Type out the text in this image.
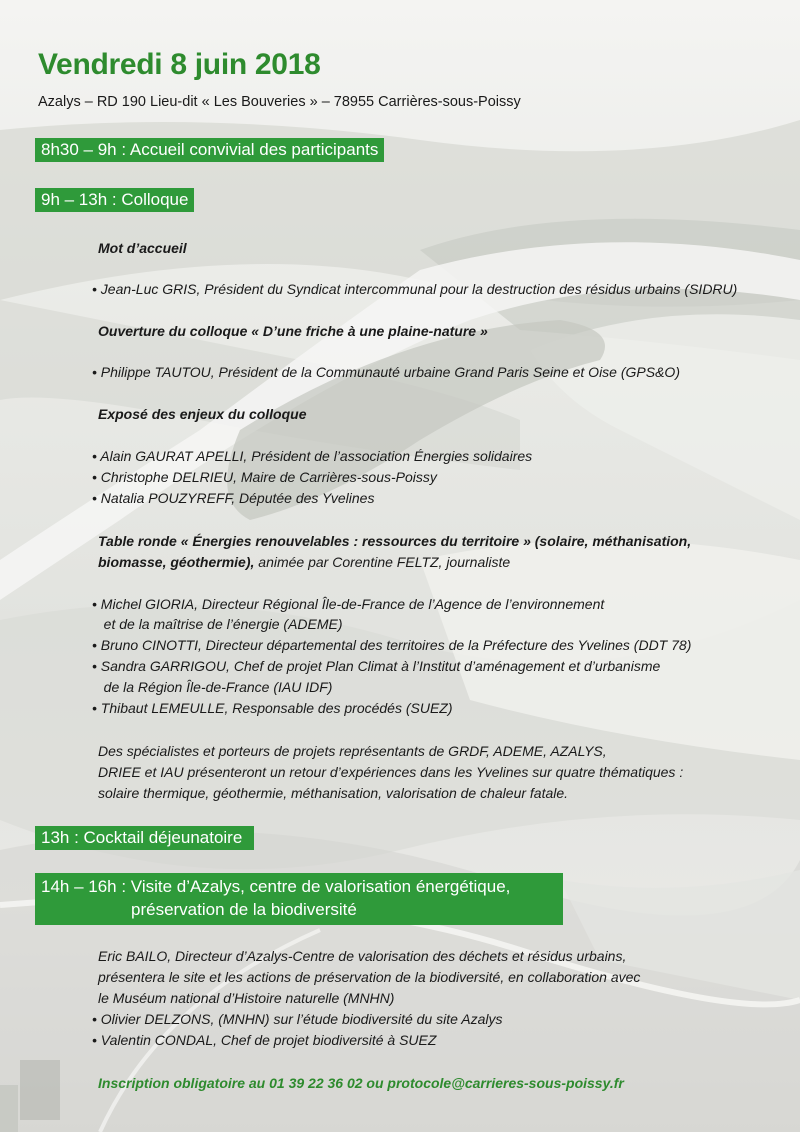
Vendredi 8 juin 2018
Azalys – RD 190 Lieu-dit « Les Bouveries » – 78955 Carrières-sous-Poissy
8h30 – 9h : Accueil convivial des participants
9h – 13h : Colloque
Mot d’accueil
• Jean-Luc GRIS, Président du Syndicat intercommunal pour la destruction des résidus urbains (SIDRU)
Ouverture du colloque « D’une friche à une plaine-nature »
• Philippe TAUTOU, Président de la Communauté urbaine Grand Paris Seine et Oise (GPS&O)
Exposé des enjeux du colloque
• Alain GAURAT APELLI, Président de l’association Énergies solidaires
• Christophe DELRIEU, Maire de Carrières-sous-Poissy
• Natalia POUZYREFF, Députée des Yvelines
Table ronde « Énergies renouvelables : ressources du territoire » (solaire, méthanisation,
biomasse, géothermie), animée par Corentine FELTZ, journaliste
• Michel GIORIA, Directeur Régional Île-de-France de l’Agence de l’environnement
et de la maîtrise de l’énergie (ADEME)
• Bruno CINOTTI, Directeur départemental des territoires de la Préfecture des Yvelines (DDT 78)
• Sandra GARRIGOU, Chef de projet Plan Climat à l’Institut d’aménagement et d’urbanisme
de la Région Île-de-France (IAU IDF)
• Thibaut LEMEULLE, Responsable des procédés (SUEZ)
Des spécialistes et porteurs de projets représentants de GRDF, ADEME, AZALYS,
DRIEE et IAU présenteront un retour d’expériences dans les Yvelines sur quatre thématiques :
solaire thermique, géothermie, méthanisation, valorisation de chaleur fatale.
13h : Cocktail déjeunatoire
14h – 16h : Visite d’Azalys, centre de valorisation énergétique,
préservation de la biodiversité
Eric BAILO, Directeur d’Azalys-Centre de valorisation des déchets et résidus urbains,
présentera le site et les actions de préservation de la biodiversité, en collaboration avec
le Muséum national d’Histoire naturelle (MNHN)
• Olivier DELZONS, (MNHN) sur l’étude biodiversité du site Azalys
• Valentin CONDAL, Chef de projet biodiversité à SUEZ
Inscription obligatoire au 01 39 22 36 02 ou protocole@carrieres-sous-poissy.fr
